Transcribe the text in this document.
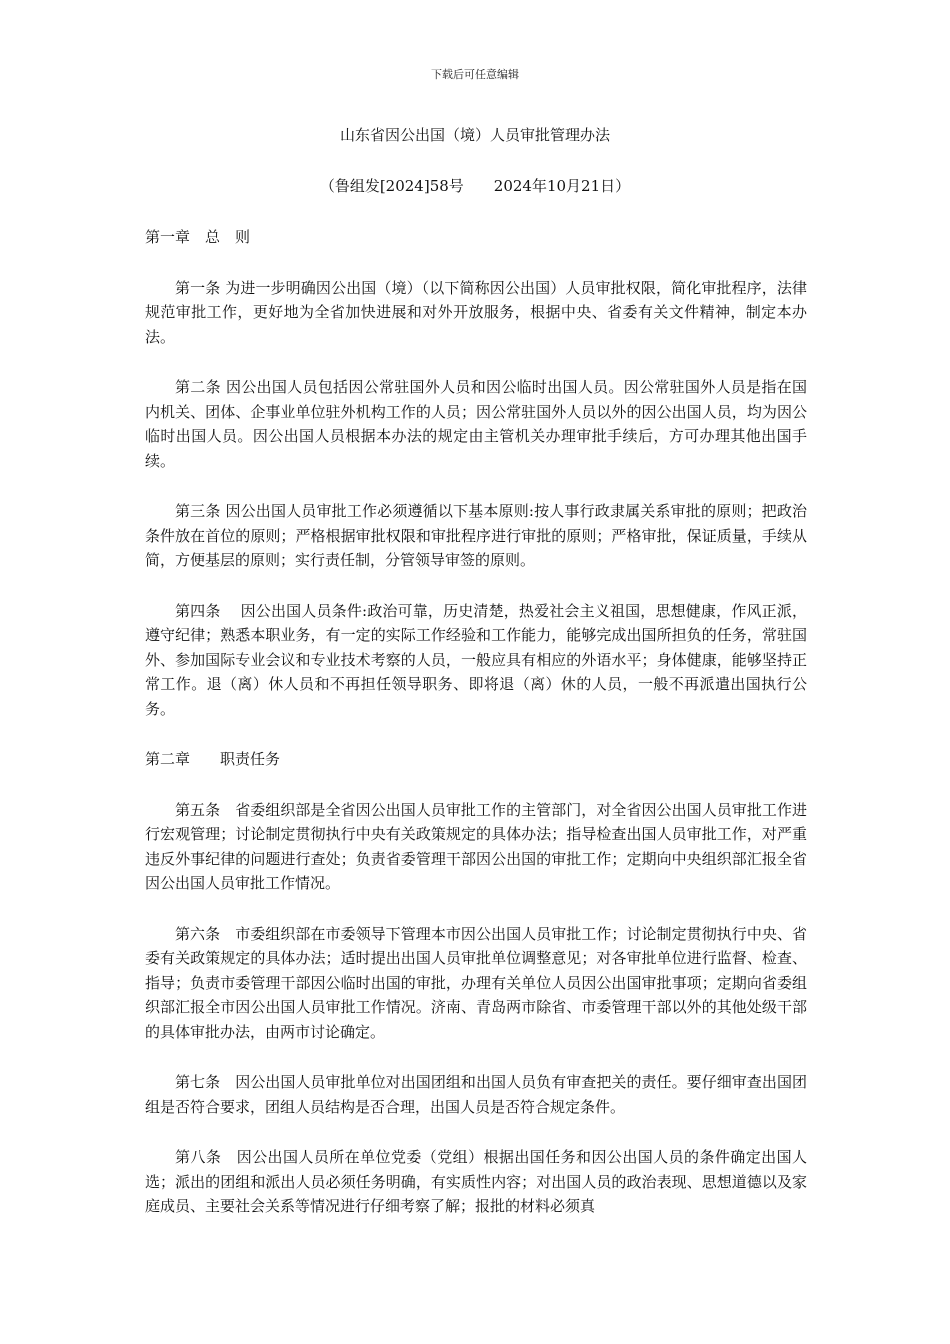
下载后可任意编辑
山东省因公出国（境）人员审批管理办法
（鲁组发[2024]58号　　2024年10月21日）
第一章　总　则

第一条 为进一步明确因公出国（境）（以下简称因公出国）人员审批权限，简化审批程序，法律规范审批工作，更好地为全省加快进展和对外开放服务，根据中央、省委有关文件精神，制定本办法。

第二条 因公出国人员包括因公常驻国外人员和因公临时出国人员。因公常驻国外人员是指在国内机关、团体、企事业单位驻外机构工作的人员；因公常驻国外人员以外的因公出国人员，均为因公临时出国人员。因公出国人员根据本办法的规定由主管机关办理审批手续后，方可办理其他出国手续。

第三条 因公出国人员审批工作必须遵循以下基本原则:按人事行政隶属关系审批的原则；把政治条件放在首位的原则；严格根据审批权限和审批程序进行审批的原则；严格审批，保证质量，手续从简，方便基层的原则；实行责任制，分管领导审签的原则。

第四条　 因公出国人员条件:政治可靠，历史清楚，热爱社会主义祖国，思想健康，作风正派，遵守纪律；熟悉本职业务，有一定的实际工作经验和工作能力，能够完成出国所担负的任务，常驻国外、参加国际专业会议和专业技术考察的人员，一般应具有相应的外语水平；身体健康，能够坚持正常工作。退（离）休人员和不再担任领导职务、即将退（离）休的人员，一般不再派遣出国执行公务。

第二章　　职责任务

第五条　省委组织部是全省因公出国人员审批工作的主管部门，对全省因公出国人员审批工作进行宏观管理；讨论制定贯彻执行中央有关政策规定的具体办法；指导检查出国人员审批工作，对严重违反外事纪律的问题进行查处；负责省委管理干部因公出国的审批工作；定期向中央组织部汇报全省因公出国人员审批工作情况。

第六条　市委组织部在市委领导下管理本市因公出国人员审批工作；讨论制定贯彻执行中央、省委有关政策规定的具体办法；适时提出出国人员审批单位调整意见；对各审批单位进行监督、检查、指导；负责市委管理干部因公临时出国的审批，办理有关单位人员因公出国审批事项；定期向省委组织部汇报全市因公出国人员审批工作情况。济南、青岛两市除省、市委管理干部以外的其他处级干部的具体审批办法，由两市讨论确定。

第七条　因公出国人员审批单位对出国团组和出国人员负有审查把关的责任。要仔细审查出国团组是否符合要求，团组人员结构是否合理，出国人员是否符合规定条件。

第八条　因公出国人员所在单位党委（党组）根据出国任务和因公出国人员的条件确定出国人选；派出的团组和派出人员必须任务明确，有实质性内容；对出国人员的政治表现、思想道德以及家庭成员、主要社会关系等情况进行仔细考察了解；报批的材料必须真
